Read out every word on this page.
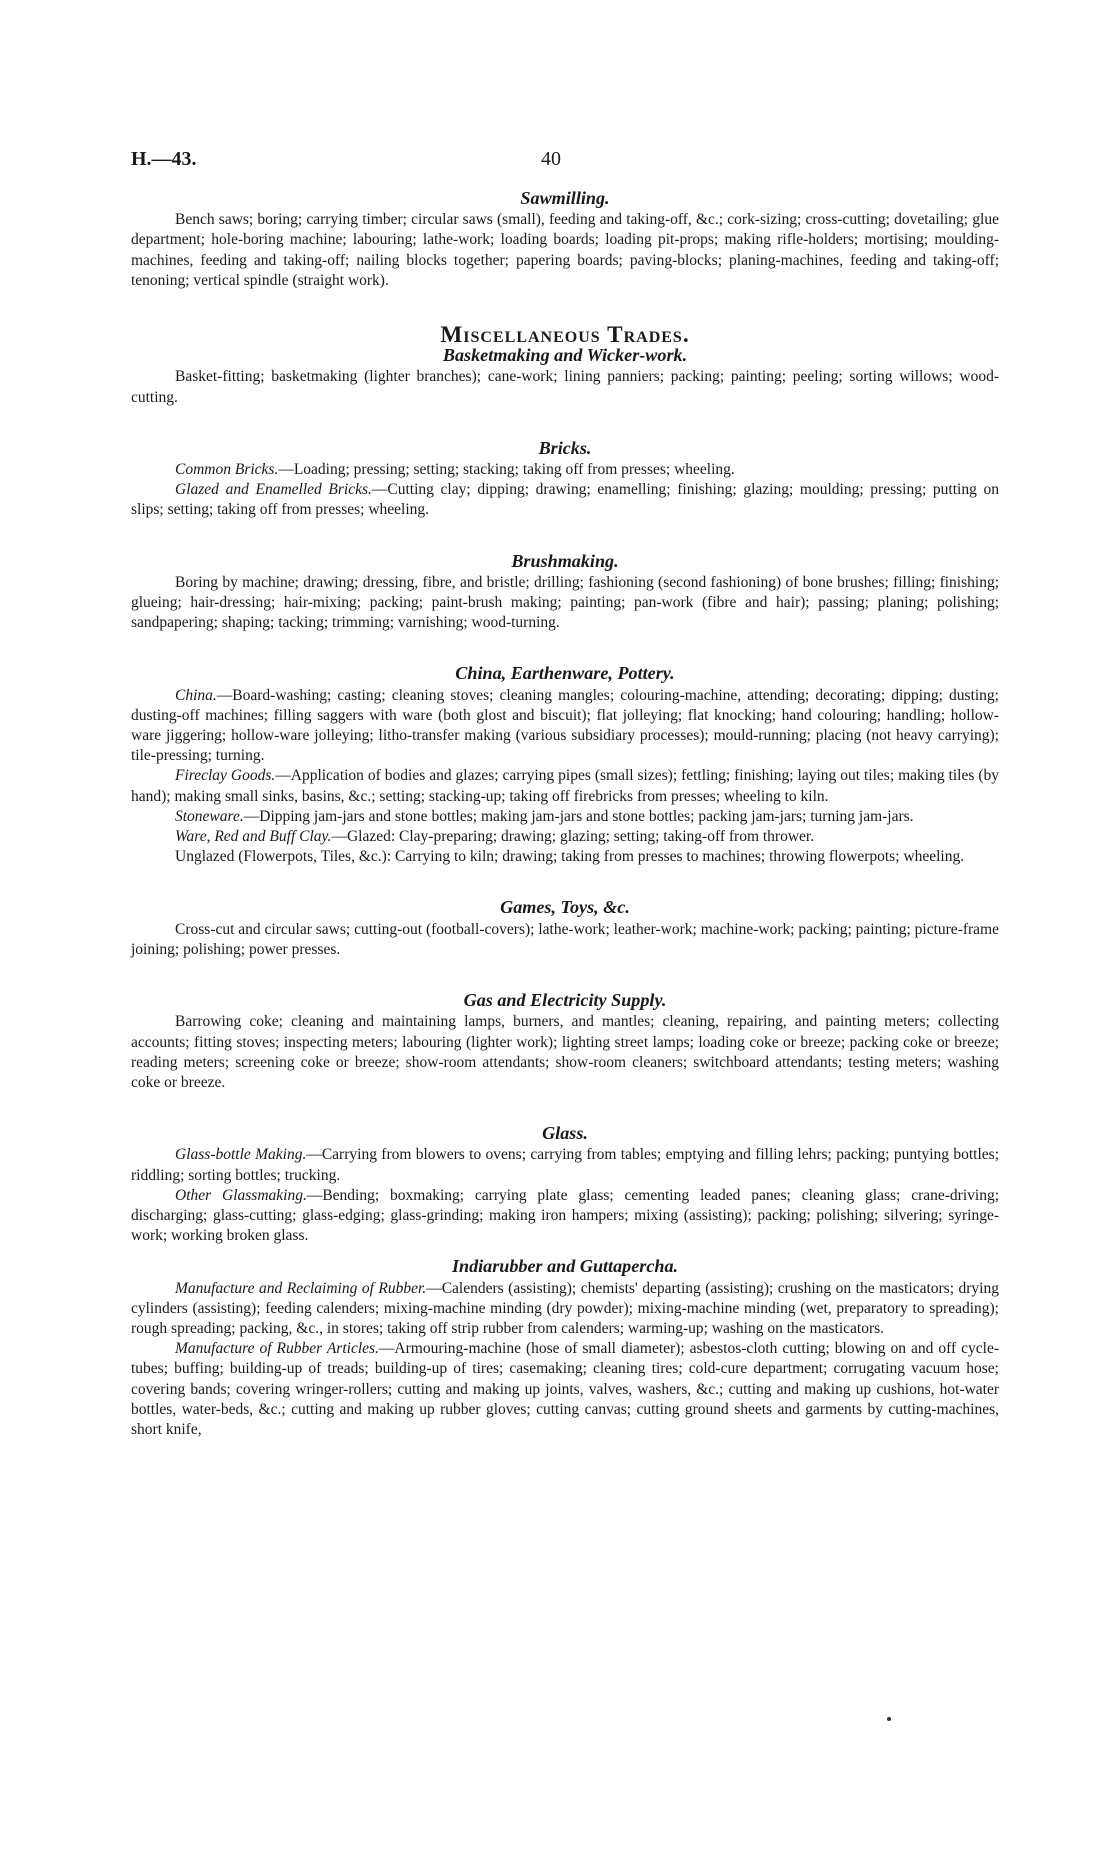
H.—43.	40
Sawmilling.

Bench saws; boring; carrying timber; circular saws (small), feeding and taking-off, &c.; cork-sizing; cross-cutting; dovetailing; glue department; hole-boring machine; labouring; lathe-work; loading boards; loading pit-props; making rifle-holders; mortising; moulding-machines, feeding and taking-off; nailing blocks together; papering boards; paving-blocks; planing-machines, feeding and taking-off; tenoning; vertical spindle (straight work).

Miscellaneous Trades.
Basketmaking and Wicker-work.

Basket-fitting; basketmaking (lighter branches); cane-work; lining panniers; packing; painting; peeling; sorting willows; wood-cutting.

Bricks.

Common Bricks.—Loading; pressing; setting; stacking; taking off from presses; wheeling.

Glazed and Enamelled Bricks.—Cutting clay; dipping; drawing; enamelling; finishing; glazing; moulding; pressing; putting on slips; setting; taking off from presses; wheeling.

Brushmaking.

Boring by machine; drawing; dressing, fibre, and bristle; drilling; fashioning (second fashioning) of bone brushes; filling; finishing; glueing; hair-dressing; hair-mixing; packing; paint-brush making; painting; pan-work (fibre and hair); passing; planing; polishing; sandpapering; shaping; tacking; trimming; varnishing; wood-turning.

China, Earthenware, Pottery.

China.—Board-washing; casting; cleaning stoves; cleaning mangles; colouring-machine, attending; decorating; dipping; dusting; dusting-off machines; filling saggers with ware (both glost and biscuit); flat jolleying; flat knocking; hand colouring; handling; hollow-ware jiggering; hollow-ware jolleying; litho-transfer making (various subsidiary processes); mould-running; placing (not heavy carrying); tile-pressing; turning.

Fireclay Goods.—Application of bodies and glazes; carrying pipes (small sizes); fettling; finishing; laying out tiles; making tiles (by hand); making small sinks, basins, &c.; setting; stacking-up; taking off firebricks from presses; wheeling to kiln.

Stoneware.—Dipping jam-jars and stone bottles; making jam-jars and stone bottles; packing jam-jars; turning jam-jars.

Ware, Red and Buff Clay.—Glazed: Clay-preparing; drawing; glazing; setting; taking-off from thrower.

Unglazed (Flowerpots, Tiles, &c.): Carrying to kiln; drawing; taking from presses to machines; throwing flowerpots; wheeling.

Games, Toys, &c.

Cross-cut and circular saws; cutting-out (football-covers); lathe-work; leather-work; machine-work; packing; painting; picture-frame joining; polishing; power presses.

Gas and Electricity Supply.

Barrowing coke; cleaning and maintaining lamps, burners, and mantles; cleaning, repairing, and painting meters; collecting accounts; fitting stoves; inspecting meters; labouring (lighter work); lighting street lamps; loading coke or breeze; packing coke or breeze; reading meters; screening coke or breeze; show-room attendants; show-room cleaners; switchboard attendants; testing meters; washing coke or breeze.

Glass.

Glass-bottle Making.—Carrying from blowers to ovens; carrying from tables; emptying and filling lehrs; packing; puntying bottles; riddling; sorting bottles; trucking.

Other Glassmaking.—Bending; boxmaking; carrying plate glass; cementing leaded panes; cleaning glass; crane-driving; discharging; glass-cutting; glass-edging; glass-grinding; making iron hampers; mixing (assisting); packing; polishing; silvering; syringe-work; working broken glass.

Indiarubber and Guttapercha.

Manufacture and Reclaiming of Rubber.—Calenders (assisting); chemists' departing (assisting); crushing on the masticators; drying cylinders (assisting); feeding calenders; mixing-machine minding (dry powder); mixing-machine minding (wet, preparatory to spreading); rough spreading; packing, &c., in stores; taking off strip rubber from calenders; warming-up; washing on the masticators.

Manufacture of Rubber Articles.—Armouring-machine (hose of small diameter); asbestos-cloth cutting; blowing on and off cycle-tubes; buffing; building-up of treads; building-up of tires; casemaking; cleaning tires; cold-cure department; corrugating vacuum hose; covering bands; covering wringer-rollers; cutting and making up joints, valves, washers, &c.; cutting and making up cushions, hot-water bottles, water-beds, &c.; cutting and making up rubber gloves; cutting canvas; cutting ground sheets and garments by cutting-machines, short knife,
